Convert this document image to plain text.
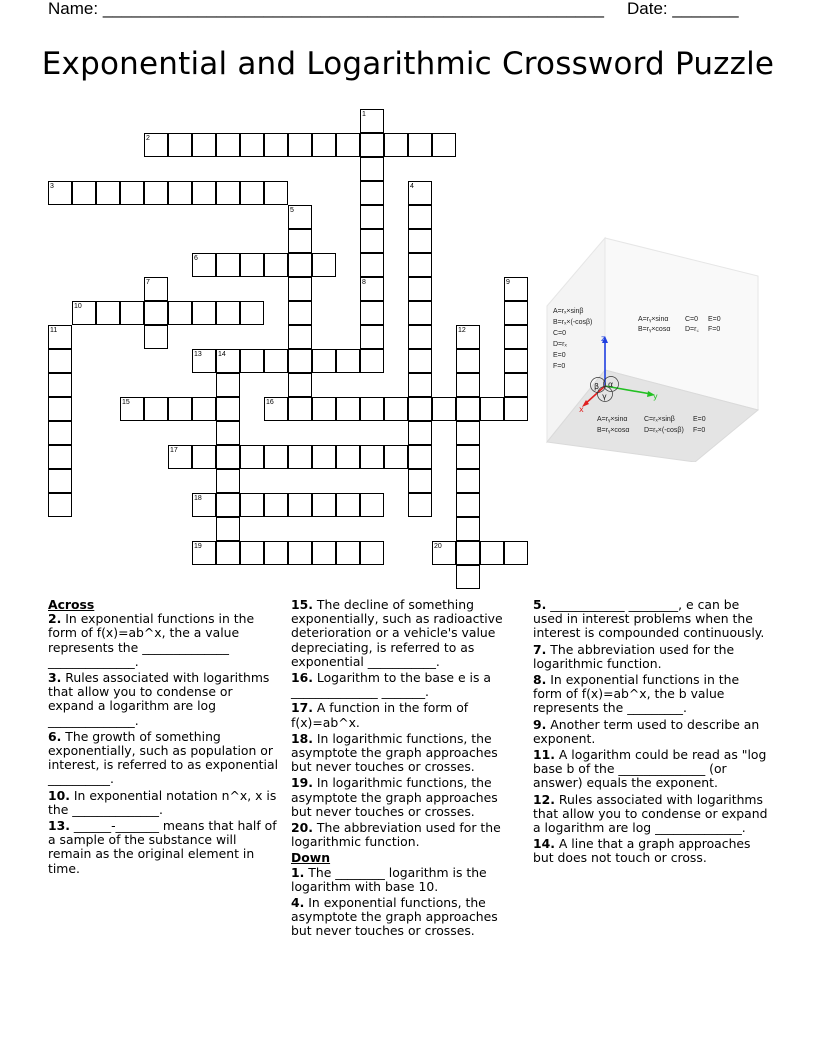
Name: _____________________________________________________ Date: _______
Exponential and Logarithmic Crossword Puzzle
1
2
3	4
5
6
7	8	9
10
11	12
13 14
15	16
17
18
19	20
A=rₓ×sinβ
B=rₓ×(-cosβ)
C=0
D=rₓ
E=0
F=0
A=rᵧ×sinα C=0 E=0
B=rᵧ×cosα D=r꜀ F=0
A=rᵧ×sinα C=rₓ×sinβ	E=0
B=rᵧ×cosα D=rₓ×(-cosβ) F=0
z
y
x
α
β
γ
Across
2. In exponential functions in the form of f(x)=ab^x, the a value represents the ______________ ______________.
3. Rules associated with logarithms that allow you to condense or expand a logarithm are log ______________.
6. The growth of something exponentially, such as population or interest, is referred to as exponential __________.
10. In exponential notation n^x, x is the ______________.
13. ______-_______ means that half of a sample of the substance will remain as the original element in time.
15. The decline of something exponentially, such as radioactive deterioration or a vehicle's value depreciating, is referred to as exponential ___________.
16. Logarithm to the base e is a ______________ _______.
17. A function in the form of f(x)=ab^x.
18. In logarithmic functions, the asymptote the graph approaches but never touches or crosses.
19. In logarithmic functions, the asymptote the graph approaches but never touches or crosses.
20. The abbreviation used for the logarithmic function.
Down
1. The ________ logarithm is the logarithm with base 10.
4. In exponential functions, the asymptote the graph approaches but never touches or crosses.
5. ____________ ________, e can be used in interest problems when the interest is compounded continuously.
7. The abbreviation used for the logarithmic function.
8. In exponential functions in the form of f(x)=ab^x, the b value represents the _________.
9. Another term used to describe an exponent.
11. A logarithm could be read as "log base b of the ______________ (or answer) equals the exponent.
12. Rules associated with logarithms that allow you to condense or expand a logarithm are log ______________.
14. A line that a graph approaches but does not touch or cross.
